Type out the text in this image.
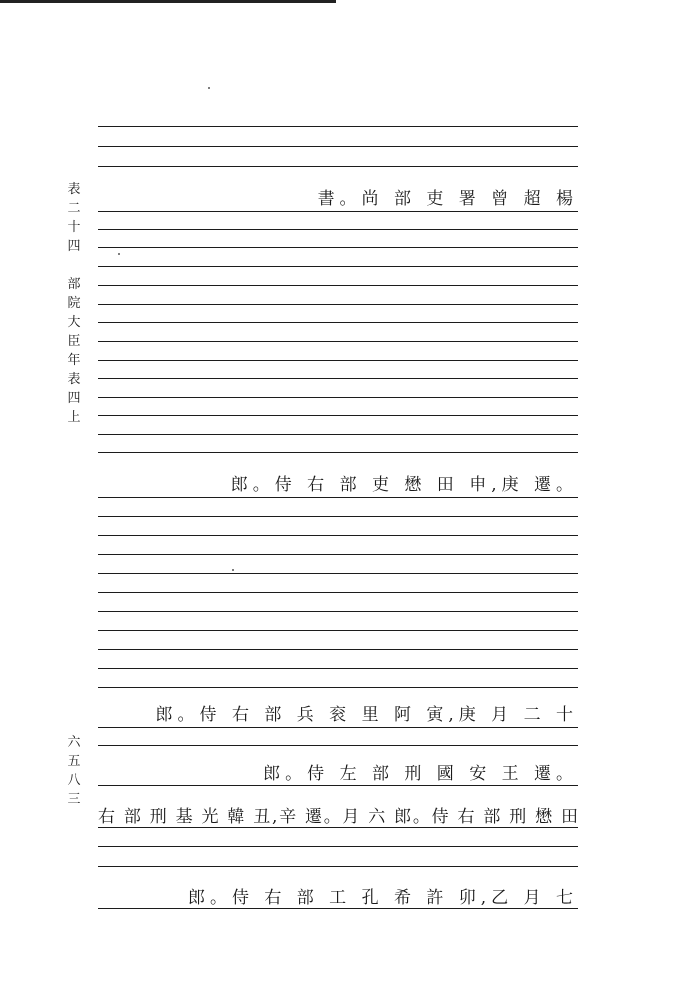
表
二
十
四
部
院
大
臣
年
表
四
上
六
五
八
三
書。尚 部 吏 署 曾 超 楊
郎。侍 右 部 吏 懋 田 申,庚 遷。
郎。侍 右 部 兵 衮 里 阿 寅,庚 月 二 十
郎。侍 左 部 刑 國 安 王 遷。
右 部 刑 基 光 韓 丑,辛 遷。月 六 郎。侍 右 部 刑 懋 田
郎。侍 右 部 工 孔 希 許 卯,乙 月 七
